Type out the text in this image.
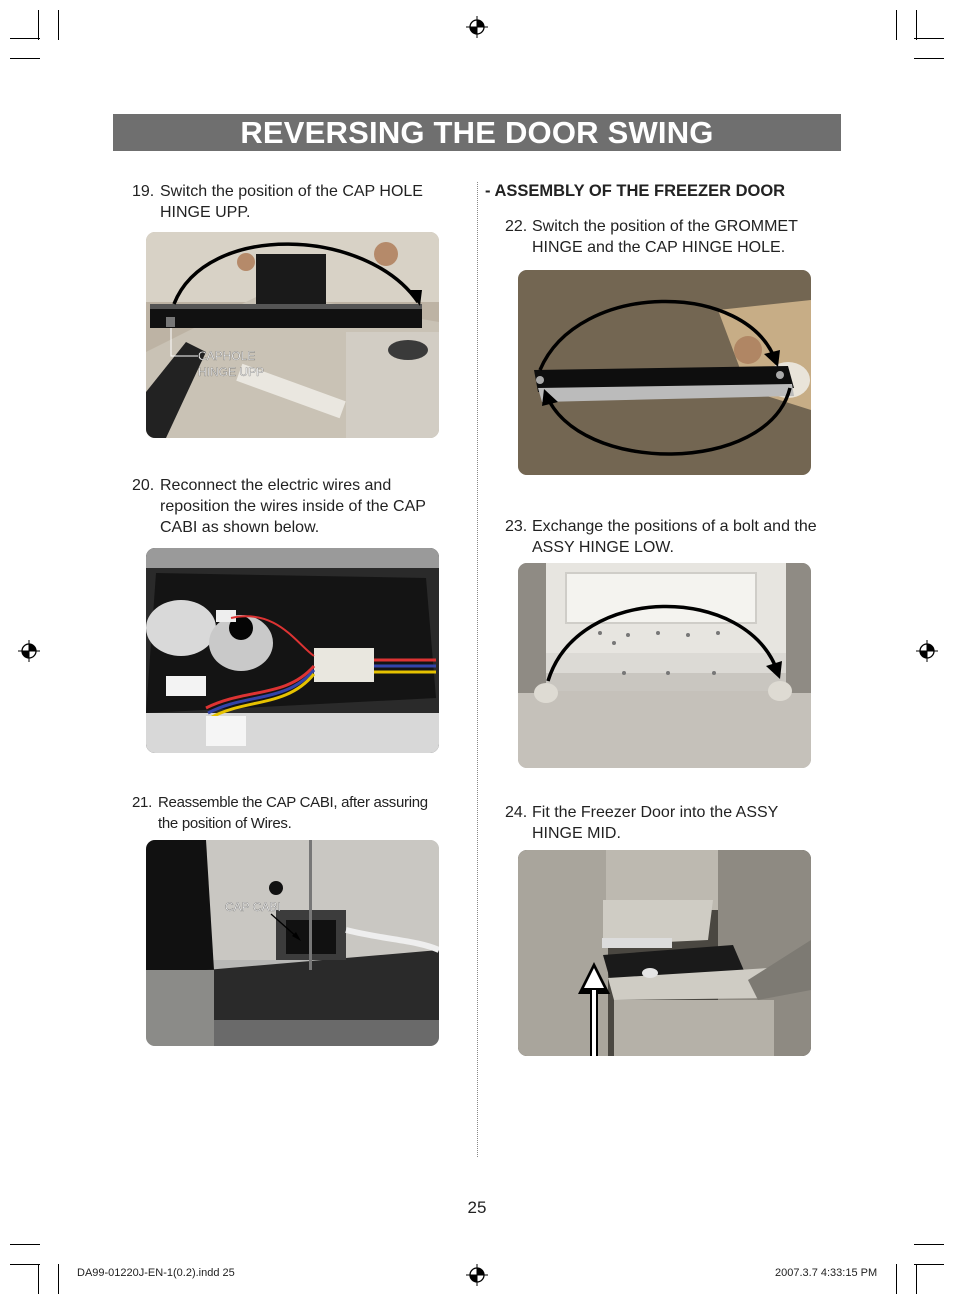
REVERSING THE DOOR SWING
19. Switch the position of the CAP HOLE
HINGE UPP.
CAPHOLE
HINGE UPP
20. Reconnect the electric wires and
reposition the wires inside of the CAP
CABI as shown below.
21. Reassemble the CAP CABI, after assuring
the position of Wires.
CAP CABI
- ASSEMBLY OF THE FREEZER DOOR
22. Switch the position of the GROMMET
HINGE and the CAP HINGE HOLE.
23. Exchange the positions of a bolt and the
ASSY HINGE LOW.
24. Fit the Freezer Door into the ASSY
HINGE MID.
25
DA99-01220J-EN-1(0.2).indd 25	2007.3.7 4:33:15 PM
